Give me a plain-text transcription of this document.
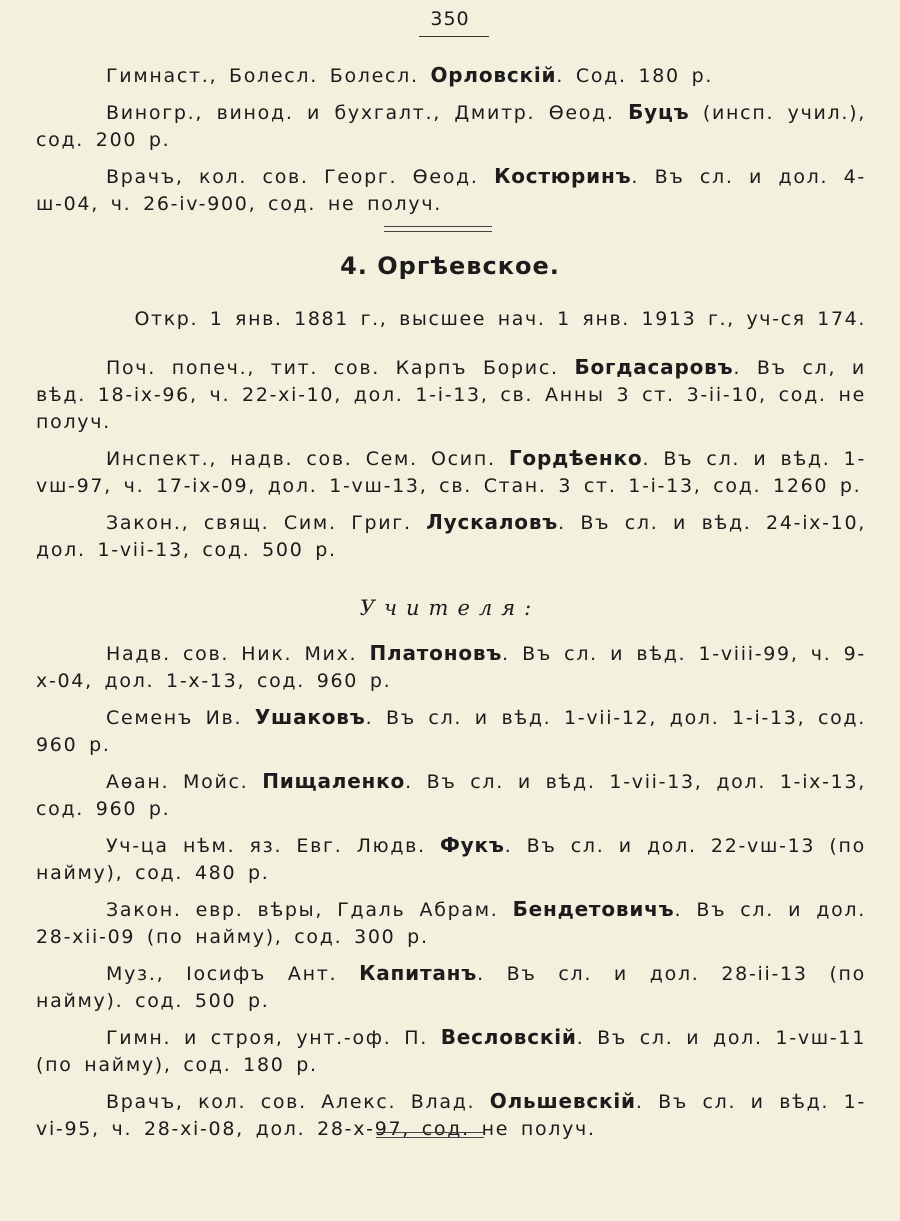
350

Гимнаст., Болесл. Болесл. Орловскій. Сод. 180 р.

Виногр., винод. и бухгалт., Дмитр. Ѳеод. Буцъ (инсп. учил.), сод. 200 р.

Врачъ, кол. сов. Георг. Ѳеод. Костюринъ. Въ сл. и дол. 4-ш-04, ч. 26-іv-900, сод. не получ.

4. Оргѣевское.
Откр. 1 янв. 1881 г., высшее нач. 1 янв. 1913 г., уч-ся 174.

Поч. попеч., тит. сов. Карпъ Борис. Богдасаровъ. Въ сл, и вѣд. 18-іх-96, ч. 22-хі-10, дол. 1-і-13, св. Анны 3 ст. 3-іі-10, сод. не получ.

Инспект., надв. сов. Сем. Осип. Гордѣенко. Въ сл. и вѣд. 1-vш-97, ч. 17-іх-09, дол. 1-vш-13, св. Стан. 3 ст. 1-і-13, сод. 1260 р.

Закон., свящ. Сим. Григ. Лускаловъ. Въ сл. и вѣд. 24-іх-10, дол. 1-vіі-13, сод. 500 р.

Учителя:

Надв. сов. Ник. Мих. Платоновъ. Въ сл. и вѣд. 1-vііі-99, ч. 9-х-04, дол. 1-х-13, сод. 960 р.

Семенъ Ив. Ушаковъ. Въ сл. и вѣд. 1-vіі-12, дол. 1-і-13, сод. 960 р.

Аѳан. Мойс. Пищаленко. Въ сл. и вѣд. 1-vіі-13, дол. 1-іх-13, сод. 960 р.

Уч-ца нѣм. яз. Евг. Людв. Фукъ. Въ сл. и дол. 22-vш-13 (по найму), сод. 480 р.

Закон. евр. вѣры, Гдаль Абрам. Бендетовичъ. Въ сл. и дол. 28-хіі-09 (по найму), сод. 300 р.

Муз., Іосифъ Ант. Капитанъ. Въ сл. и дол. 28-іі-13 (по найму). сод. 500 р.

Гимн. и строя, унт.-оф. П. Весловскій. Въ сл. и дол. 1-vш-11 (по найму), сод. 180 р.

Врачъ, кол. сов. Алекс. Влад. Ольшевскій. Въ сл. и вѣд. 1-vі-95, ч. 28-хі-08, дол. 28-х-97, сод. не получ.
